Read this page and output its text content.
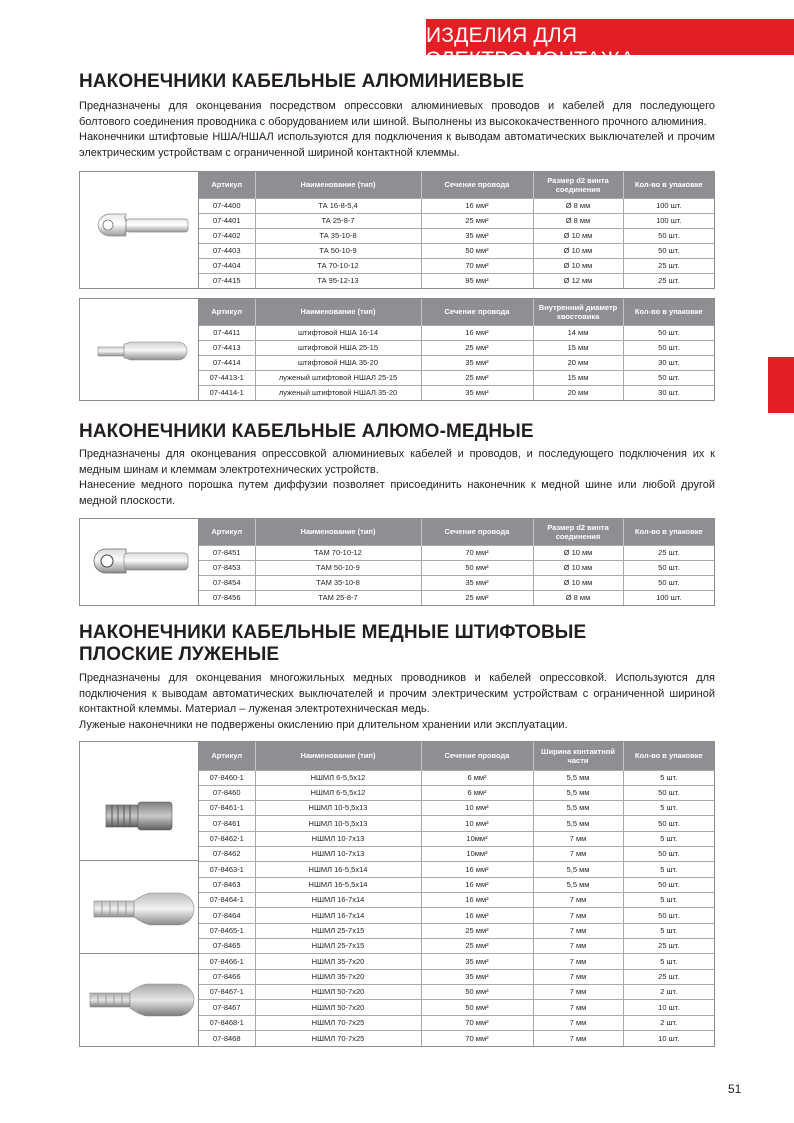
ИЗДЕЛИЯ ДЛЯ ЭЛЕКТРОМОНТАЖА
НАКОНЕЧНИКИ КАБЕЛЬНЫЕ АЛЮМИНИЕВЫЕ

Предназначены для оконцевания посредством опрессовки алюминиевых проводов и кабелей для последующего болтового соединения проводника с оборудованием или шиной. Выполнены из высококачественного прочного алюминия.

Наконечники штифтовые НША/НШАЛ используются для подключения к выводам автоматических выключателей и прочим электрическим устройствам с ограниченной шириной контактной клеммы.

Артикул	Наименование (тип)	Сечение провода	Размер d2 винта соединения	Кол-во в упаковке
07-4400	ТА 16-8-5,4	16 мм²	Ø 8 мм	100 шт.
07-4401	ТА 25-8-7	25 мм²	Ø 8 мм	100 шт.
07-4402	ТА 35-10-8	35 мм²	Ø 10 мм	50 шт.
07-4403	ТА 50-10-9	50 мм²	Ø 10 мм	50 шт.
07-4404	ТА 70-10-12	70 мм²	Ø 10 мм	25 шт.
07-4415	ТА 95-12-13	95 мм²	Ø 12 мм	25 шт.
Артикул	Наименование (тип)	Сечение провода	Внутренний диаметр хвостовика	Кол-во в упаковке
07-4411	штифтовой НША 16-14	16 мм²	14 мм	50 шт.
07-4413	штифтовой НША 25-15	25 мм²	15 мм	50 шт.
07-4414	штифтовой НША 35-20	35 мм²	20 мм	30 шт.
07-4413-1	луженый штифтовой НШАЛ 25-15	25 мм²	15 мм	50 шт.
07-4414-1	луженый штифтовой НШАЛ 35-20	35 мм²	20 мм	30 шт.
НАКОНЕЧНИКИ КАБЕЛЬНЫЕ АЛЮМО-МЕДНЫЕ

Предназначены для оконцевания опрессовкой алюминиевых кабелей и проводов, и последующего подключения их к медным шинам и клеммам электротехнических устройств.

Нанесение медного порошка путем диффузии позволяет присоединить наконечник к медной шине или любой другой медной плоскости.

Артикул	Наименование (тип)	Сечение провода	Размер d2 винта соединения	Кол-во в упаковке
07-8451	ТАМ 70-10-12	70 мм²	Ø 10 мм	25 шт.
07-8453	ТАМ 50-10-9	50 мм²	Ø 10 мм	50 шт.
07-8454	ТАМ 35-10-8	35 мм²	Ø 10 мм	50 шт.
07-8456	ТАМ 25-8-7	25 мм²	Ø 8 мм	100 шт.
НАКОНЕЧНИКИ КАБЕЛЬНЫЕ МЕДНЫЕ ШТИФТОВЫЕ
ПЛОСКИЕ ЛУЖЕНЫЕ

Предназначены для оконцевания многожильных медных проводников и кабелей опрессовкой. Используются для подключения к выводам автоматических выключателей и прочим электрическим устройствам с ограниченной шириной контактной клеммы. Материал – луженая электротехническая медь.

Луженые наконечники не подвержены окислению при длительном хранении или эксплуатации.

Артикул	Наименование (тип)	Сечение провода	Ширина контактной части	Кол-во в упаковке
07-8460-1	НШМЛ 6-5,5х12	6 мм²	5,5 мм	5 шт.
07-8460	НШМЛ 6-5,5х12	6 мм²	5,5 мм	50 шт.
07-8461-1	НШМЛ 10-5,5х13	10 мм²	5,5 мм	5 шт.
07-8461	НШМЛ 10-5,5х13	10 мм²	5,5 мм	50 шт.
07-8462-1	НШМЛ 10-7х13	10мм²	7 мм	5 шт.
07-8462	НШМЛ 10-7х13	10мм²	7 мм	50 шт.
07-8463-1	НШМЛ 16-5,5х14	16 мм²	5,5 мм	5 шт.
07-8463	НШМЛ 16-5,5х14	16 мм²	5,5 мм	50 шт.
07-8464-1	НШМЛ 16-7х14	16 мм²	7 мм	5 шт.
07-8464	НШМЛ 16-7х14	16 мм²	7 мм	50 шт.
07-8465-1	НШМЛ 25-7х15	25 мм²	7 мм	5 шт.
07-8465	НШМЛ 25-7х15	25 мм²	7 мм	25 шт.
07-8466-1	НШМЛ 35-7х20	35 мм²	7 мм	5 шт.
07-8466	НШМЛ 35-7х20	35 мм²	7 мм	25 шт.
07-8467-1	НШМЛ 50-7х20	50 мм²	7 мм	2 шт.
07-8467	НШМЛ 50-7х20	50 мм²	7 мм	10 шт.
07-8468-1	НШМЛ 70-7х25	70 мм²	7 мм	2 шт.
07-8468	НШМЛ 70-7х25	70 мм²	7 мм	10 шт.
51
